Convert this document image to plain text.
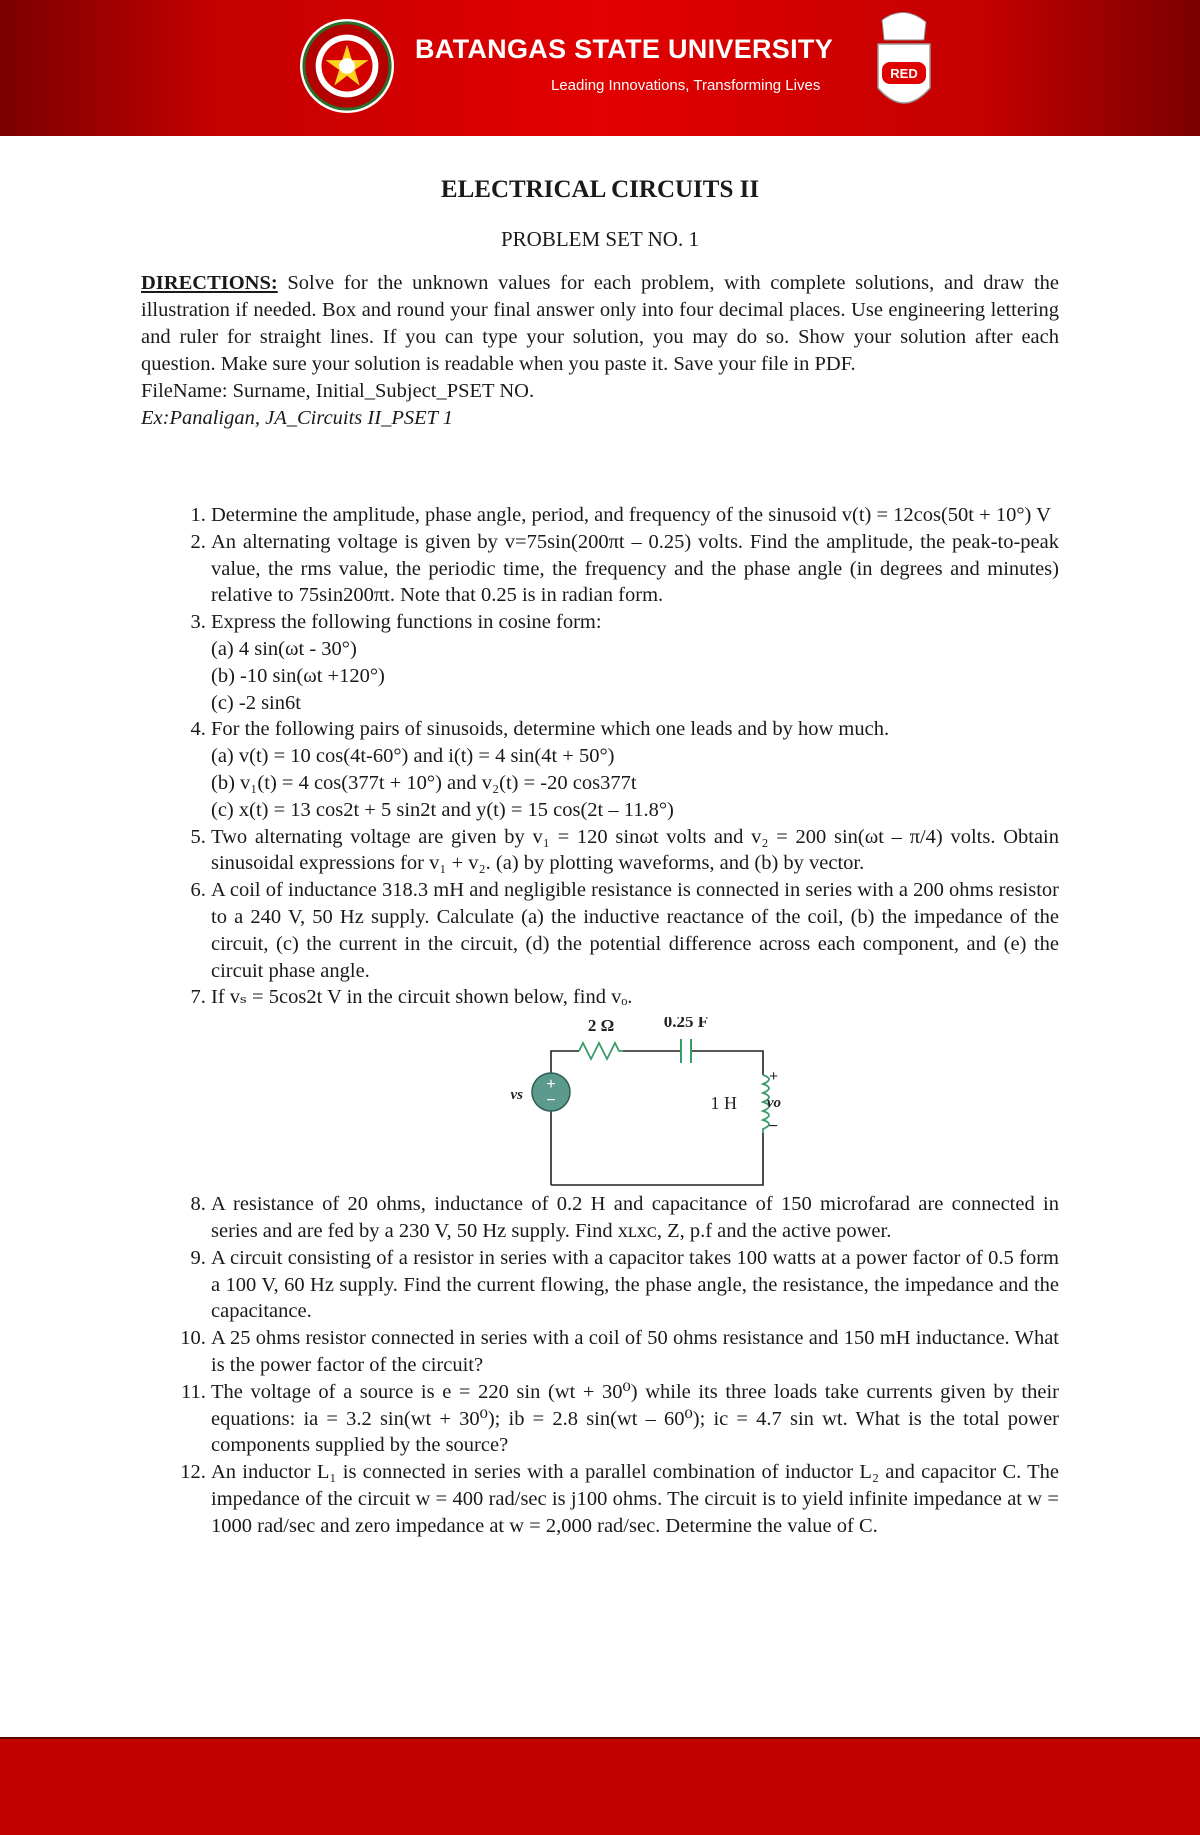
BATANGAS STATE UNIVERSITY
Leading Innovations, Transforming Lives
RED
ELECTRICAL CIRCUITS II
PROBLEM SET NO. 1
DIRECTIONS: Solve for the unknown values for each problem, with complete solutions, and draw the illustration if needed. Box and round your final answer only into four decimal places. Use engineering lettering and ruler for straight lines. If you can type your solution, you may do so. Show your solution after each question. Make sure your solution is readable when you paste it. Save your file in PDF.
FileName: Surname, Initial_Subject_PSET NO.
Ex:Panaligan, JA_Circuits II_PSET 1
1. Determine the amplitude, phase angle, period, and frequency of the sinusoid v(t) = 12cos(50t + 10°) V
2. An alternating voltage is given by v=75sin(200πt – 0.25) volts. Find the amplitude, the peak-to-peak value, the rms value, the periodic time, the frequency and the phase angle (in degrees and minutes) relative to 75sin200πt. Note that 0.25 is in radian form.
3. Express the following functions in cosine form:
(a) 4 sin(ωt - 30°)
(b) -10 sin(ωt +120°)
(c) -2 sin6t
4. For the following pairs of sinusoids, determine which one leads and by how much.
(a) v(t) = 10 cos(4t-60°) and i(t) = 4 sin(4t + 50°)
(b) v₁(t) = 4 cos(377t + 10°) and v₂(t) = -20 cos377t
(c) x(t) = 13 cos2t + 5 sin2t and y(t) = 15 cos(2t – 11.8°)
5. Two alternating voltage are given by v₁ = 120 sinωt volts and v₂ = 200 sin(ωt – π/4) volts. Obtain sinusoidal expressions for v₁ + v₂. (a) by plotting waveforms, and (b) by vector.
6. A coil of inductance 318.3 mH and negligible resistance is connected in series with a 200 ohms resistor to a 240 V, 50 Hz supply. Calculate (a) the inductive reactance of the coil, (b) the impedance of the circuit, (c) the current in the circuit, (d) the potential difference across each component, and (e) the circuit phase angle.
7. If vₛ = 5cos2t V in the circuit shown below, find vₒ.
+
−
2 Ω	0.25 F
1 H
vs
+
vo
−
8. A resistance of 20 ohms, inductance of 0.2 H and capacitance of 150 microfarad are connected in series and are fed by a 230 V, 50 Hz supply. Find xʟxᴄ, Z, p.f and the active power.
9. A circuit consisting of a resistor in series with a capacitor takes 100 watts at a power factor of 0.5 form a 100 V, 60 Hz supply. Find the current flowing, the phase angle, the resistance, the impedance and the capacitance.
10. A 25 ohms resistor connected in series with a coil of 50 ohms resistance and 150 mH inductance. What is the power factor of the circuit?
11. The voltage of a source is e = 220 sin (wt + 30⁰) while its three loads take currents given by their equations: ia = 3.2 sin(wt + 30⁰); ib = 2.8 sin(wt – 60⁰); ic = 4.7 sin wt. What is the total power components supplied by the source?
12. An inductor L₁ is connected in series with a parallel combination of inductor L₂ and capacitor C. The impedance of the circuit w = 400 rad/sec is j100 ohms. The circuit is to yield infinite impedance at w = 1000 rad/sec and zero impedance at w = 2,000 rad/sec. Determine the value of C.
